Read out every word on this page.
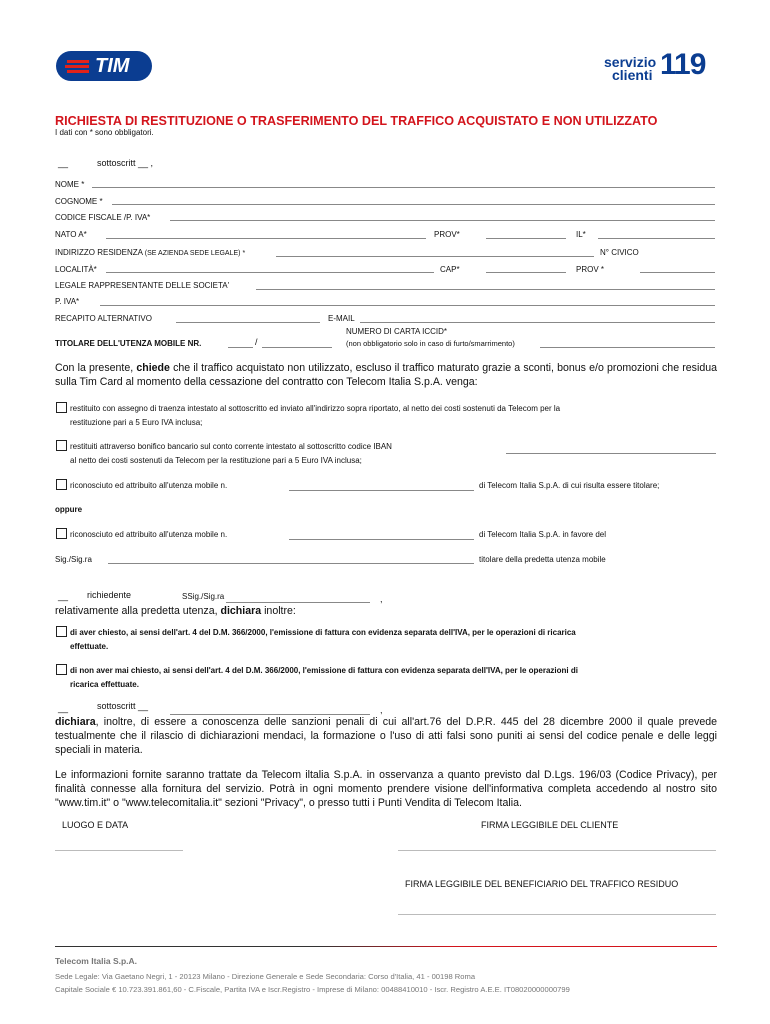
TIM	servizio
clienti 119
RICHIESTA DI RESTITUZIONE O TRASFERIMENTO DEL TRAFFICO ACQUISTATO E NON UTILIZZATO
I dati con * sono obbligatori.
__	sottoscritt __ ,
NOME *
COGNOME *
CODICE FISCALE /P. IVA*
NATO A*	PROV*	IL*
INDIRIZZO RESIDENZA (SE AZIENDA SEDE LEGALE) *	N° CIVICO
LOCALITÀ*	CAP*	PROV *
LEGALE RAPPRESENTANTE DELLE SOCIETA'
P. IVA*
RECAPITO ALTERNATIVO	E-MAIL
NUMERO DI CARTA ICCID*
(non obbligatorio solo in caso di furto/smarrimento)
TITOLARE DELL'UTENZA MOBILE NR.	/
Con la presente, chiede che il traffico acquistato non utilizzato, escluso il traffico maturato grazie a sconti, bonus e/o promozioni che residua sulla Tim Card al momento della cessazione del contratto con Telecom Italia S.p.A. venga:
restituito con assegno di traenza intestato al sottoscritto ed inviato all'indirizzo sopra riportato, al netto dei costi sostenuti da Telecom per la
restituzione pari a 5 Euro IVA inclusa;
restituiti attraverso bonifico bancario sul conto corrente intestato al sottoscritto codice IBAN
al netto dei costi sostenuti da Telecom per la restituzione pari a 5 Euro IVA inclusa;
riconosciuto ed attribuito all'utenza mobile n.	di Telecom Italia S.p.A. di cui risulta essere titolare;
oppure
riconosciuto ed attribuito all'utenza mobile n.	di Telecom Italia S.p.A. in favore del
Sig./Sig.ra	titolare della predetta utenza mobile
__ richiedente	SSig./Sig.ra	,
relativamente alla predetta utenza, dichiara inoltre:
di aver chiesto, ai sensi dell'art. 4 del D.M. 366/2000, l'emissione di fattura con evidenza separata dell'IVA, per le operazioni di ricarica
effettuate.
di non aver mai chiesto, ai sensi dell'art. 4 del D.M. 366/2000, l'emissione di fattura con evidenza separata dell'IVA, per le operazioni di
ricarica effettuate.
__	sottoscritt __	,
dichiara, inoltre, di essere a conoscenza delle sanzioni penali di cui all'art.76 del D.P.R. 445 del 28 dicembre 2000 il quale prevede testualmente che il rilascio di dichiarazioni mendaci, la formazione o l'uso di atti falsi sono puniti ai sensi del codice penale e delle leggi speciali in materia.
Le informazioni fornite saranno trattate da Telecom iltalia S.p.A. in osservanza a quanto previsto dal D.Lgs. 196/03 (Codice Privacy), per finalità connesse alla fornitura del servizio. Potrà in ogni momento prendere visione dell'informativa completa accedendo al nostro sito "www.tim.it" o "www.telecomitalia.it" sezioni "Privacy", o presso tutti i Punti Vendita di Telecom Italia.
LUOGO E DATA	FIRMA LEGGIBILE DEL CLIENTE
FIRMA LEGGIBILE DEL BENEFICIARIO DEL TRAFFICO RESIDUO
Telecom Italia S.p.A.
Sede Legale: Via Gaetano Negri, 1 - 20123 Milano - Direzione Generale e Sede Secondaria: Corso d'Italia, 41 - 00198 Roma
Capitale Sociale € 10.723.391.861,60 - C.Fiscale, Partita IVA e Iscr.Registro - Imprese di Milano: 00488410010 - Iscr. Registro A.E.E. IT08020000000799
